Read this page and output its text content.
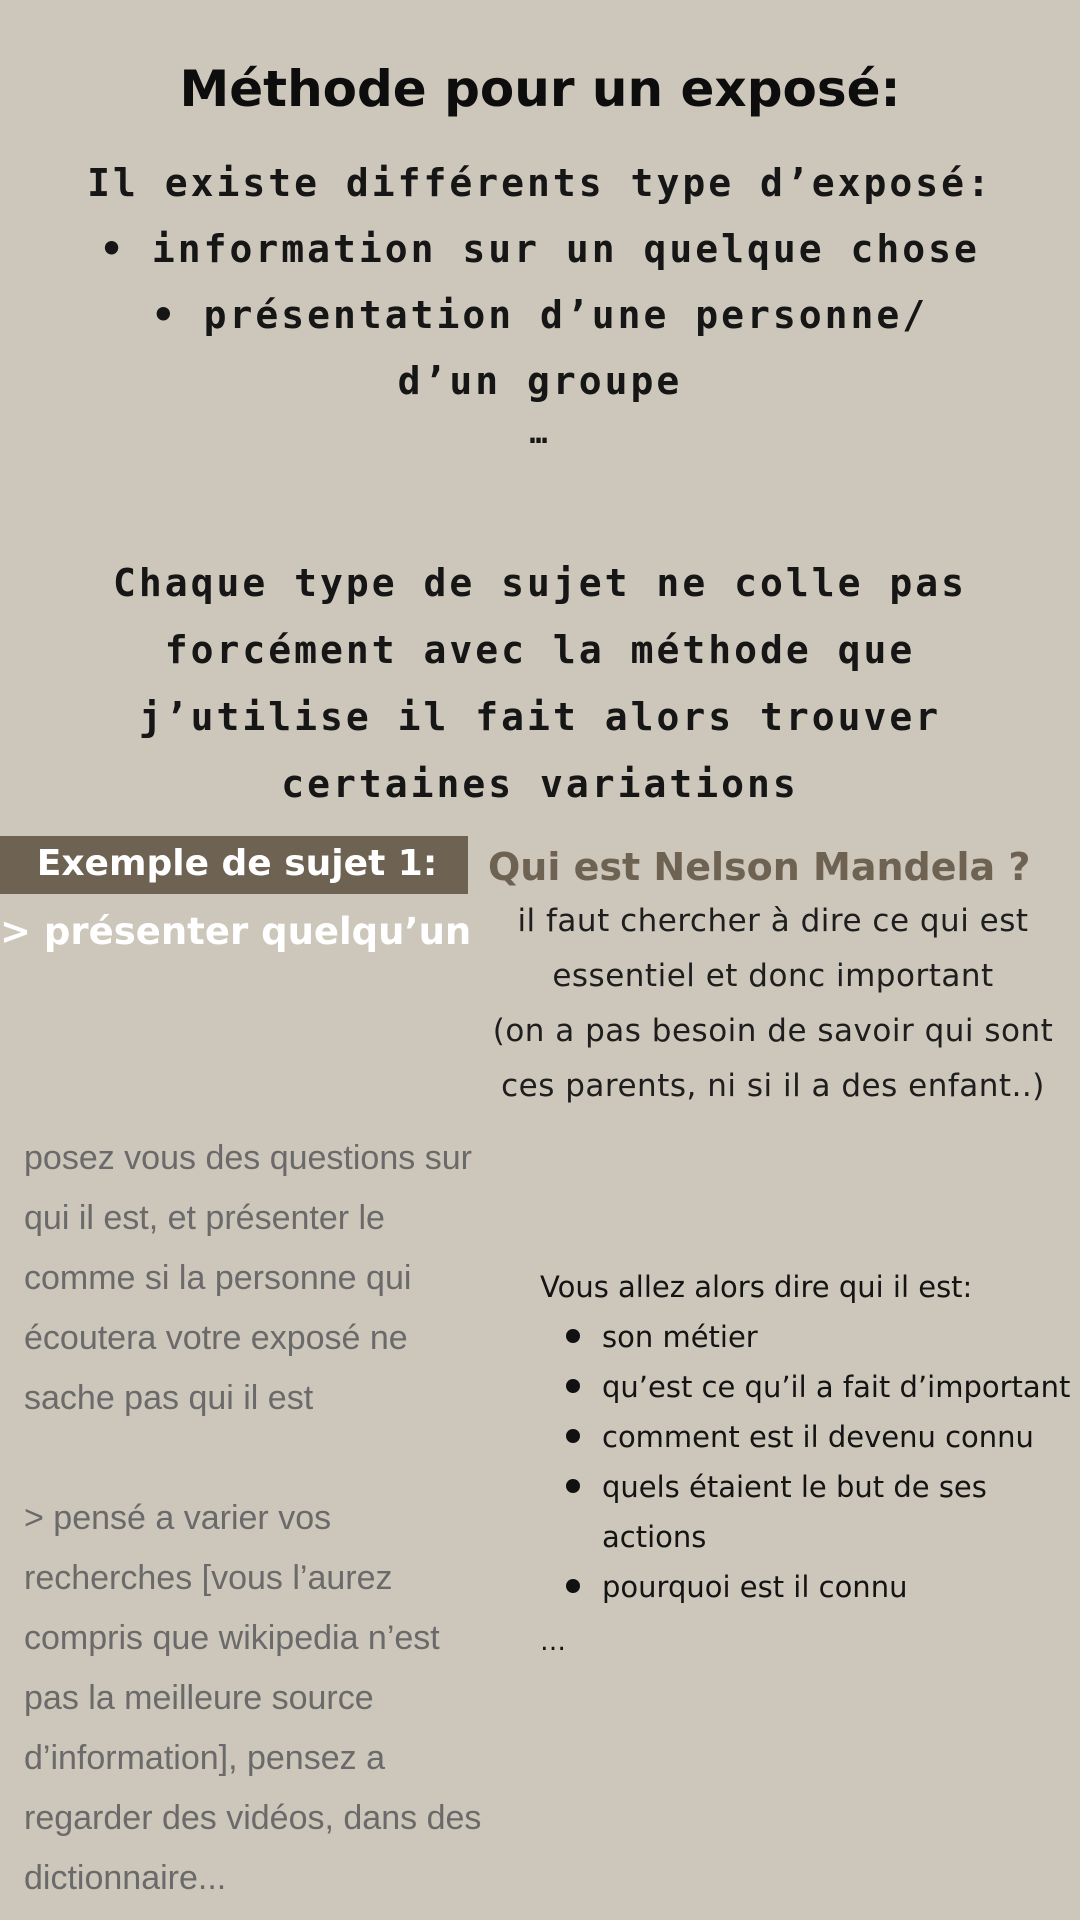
Méthode pour un exposé:
Il existe différents type d’exposé:
• information sur un quelque chose
• présentation d’une personne/
d’un groupe
…
Chaque type de sujet ne colle pas
forcément avec la méthode que
j’utilise il fait alors trouver
certaines variations
Exemple de sujet 1:
> présenter quelqu’un
Qui est Nelson Mandela ?
il faut chercher à dire ce qui est
essentiel et donc important
(on a pas besoin de savoir qui sont
ces parents, ni si il a des enfant..)
posez vous des questions sur
qui il est, et présenter le
comme si la personne qui
écoutera votre exposé ne
sache pas qui il est
> pensé a varier vos
recherches [vous l’aurez
compris que wikipedia n’est
pas la meilleure source
d’information], pensez a
regarder des vidéos, dans des
dictionnaire...
Vous allez alors dire qui il est:
son métier
qu’est ce qu’il a fait d’important
comment est il devenu connu
quels étaient le but de ses actions
pourquoi est il connu
…
